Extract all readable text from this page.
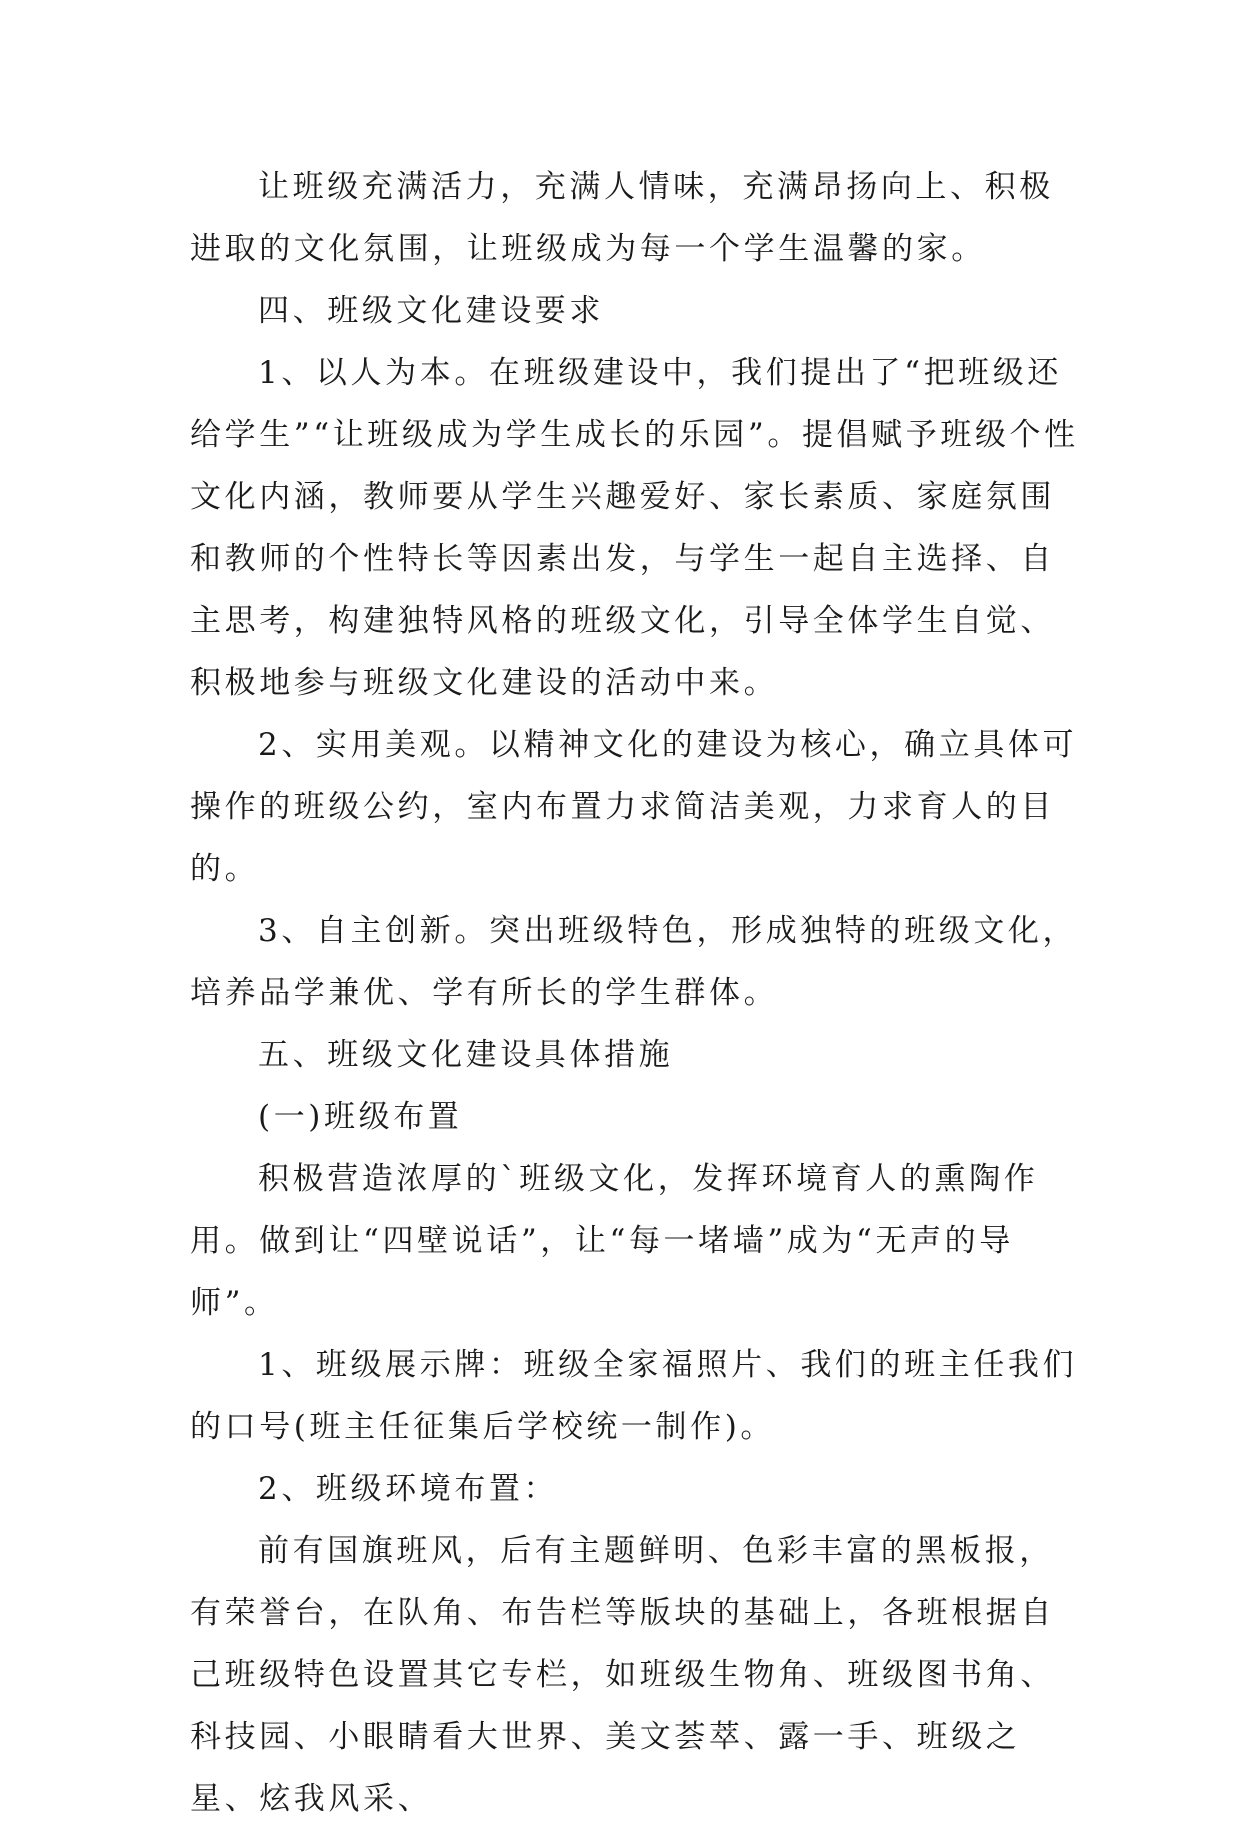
让班级充满活力，充满人情味，充满昂扬向上、积极进取的文化氛围，让班级成为每一个学生温馨的家。

四、班级文化建设要求

1、以人为本。在班级建设中，我们提出了“把班级还给学生”“让班级成为学生成长的乐园”。提倡赋予班级个性文化内涵，教师要从学生兴趣爱好、家长素质、家庭氛围和教师的个性特长等因素出发，与学生一起自主选择、自主思考，构建独特风格的班级文化，引导全体学生自觉、积极地参与班级文化建设的活动中来。

2、实用美观。以精神文化的建设为核心，确立具体可操作的班级公约，室内布置力求简洁美观，力求育人的目的。

3、自主创新。突出班级特色，形成独特的班级文化，培养品学兼优、学有所长的学生群体。

五、班级文化建设具体措施

(一)班级布置

积极营造浓厚的`班级文化，发挥环境育人的熏陶作用。做到让“四壁说话”，让“每一堵墙”成为“无声的导师”。

1、班级展示牌：班级全家福照片、我们的班主任我们的口号(班主任征集后学校统一制作)。

2、班级环境布置：

前有国旗班风，后有主题鲜明、色彩丰富的黑板报，有荣誉台，在队角、布告栏等版块的基础上，各班根据自己班级特色设置其它专栏，如班级生物角、班级图书角、科技园、小眼睛看大世界、美文荟萃、露一手、班级之星、炫我风采、
